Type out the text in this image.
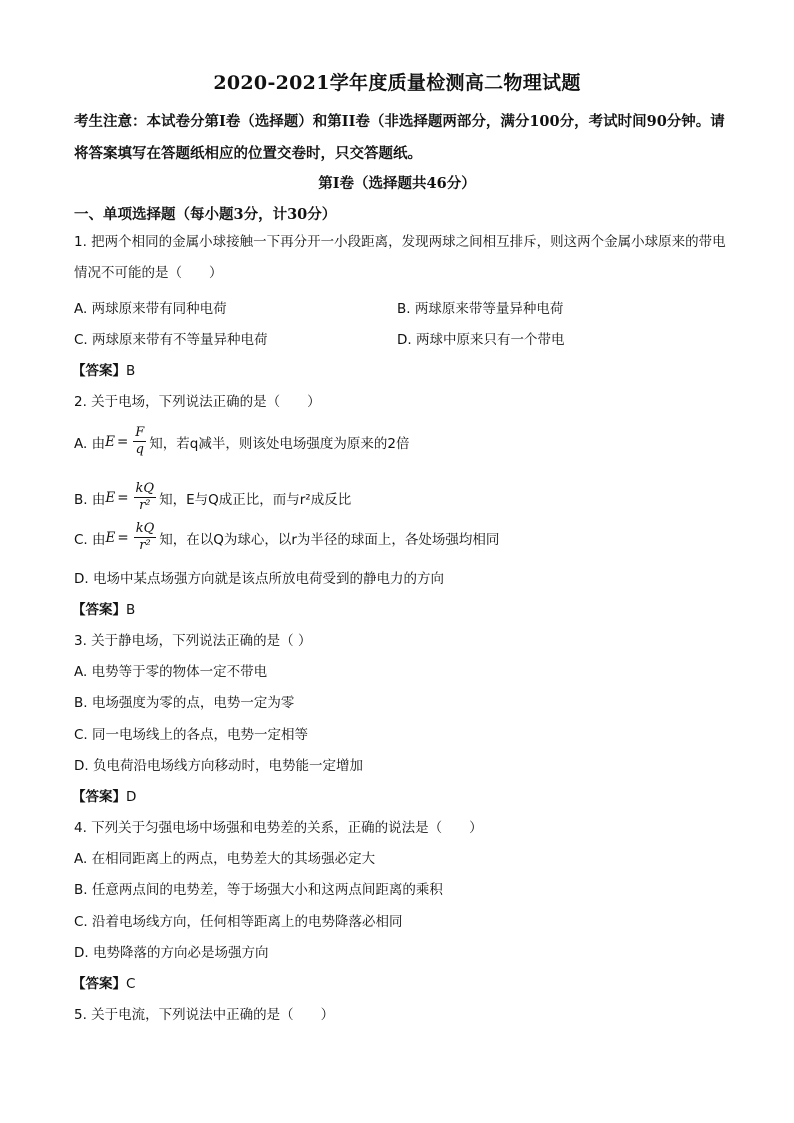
2020-2021学年度质量检测高二物理试题
考生注意：本试卷分第I卷（选择题）和第II卷（非选择题两部分，满分100分，考试时间90分钟。请将答案填写在答题纸相应的位置交卷时，只交答题纸。
第I卷（选择题共46分）
一、单项选择题（每小题3分，计30分）
1. 把两个相同的金属小球接触一下再分开一小段距离，发现两球之间相互排斥，则这两个金属小球原来的带电情况不可能的是（　　）
A. 两球原来带有同种电荷	B. 两球原来带等量异种电荷
C. 两球原来带有不等量异种电荷	D. 两球中原来只有一个带电
【答案】B
2. 关于电场，下列说法正确的是（　　）
A. 由 $E = \frac{F}{q}$ 知，若q减半，则该处电场强度为原来的2倍
B. 由 $E = \frac{kQ}{\text{r²}}$ 知，E与Q成正比，而与r²成反比
C. 由 $E = \frac{kQ}{\text{r²}}$ 知，在以Q为球心，以r为半径的球面上，各处场强均相同
D. 电场中某点场强方向就是该点所放电荷受到的静电力的方向
【答案】B
3. 关于静电场，下列说法正确的是（ ）
A. 电势等于零的物体一定不带电
B. 电场强度为零的点，电势一定为零
C. 同一电场线上的各点，电势一定相等
D. 负电荷沿电场线方向移动时，电势能一定增加
【答案】D
4. 下列关于匀强电场中场强和电势差的关系，正确的说法是（　　）
A. 在相同距离上的两点，电势差大的其场强必定大
B. 任意两点间的电势差，等于场强大小和这两点间距离的乘积
C. 沿着电场线方向，任何相等距离上的电势降落必相同
D. 电势降落的方向必是场强方向
【答案】C
5. 关于电流，下列说法中正确的是（　　）
